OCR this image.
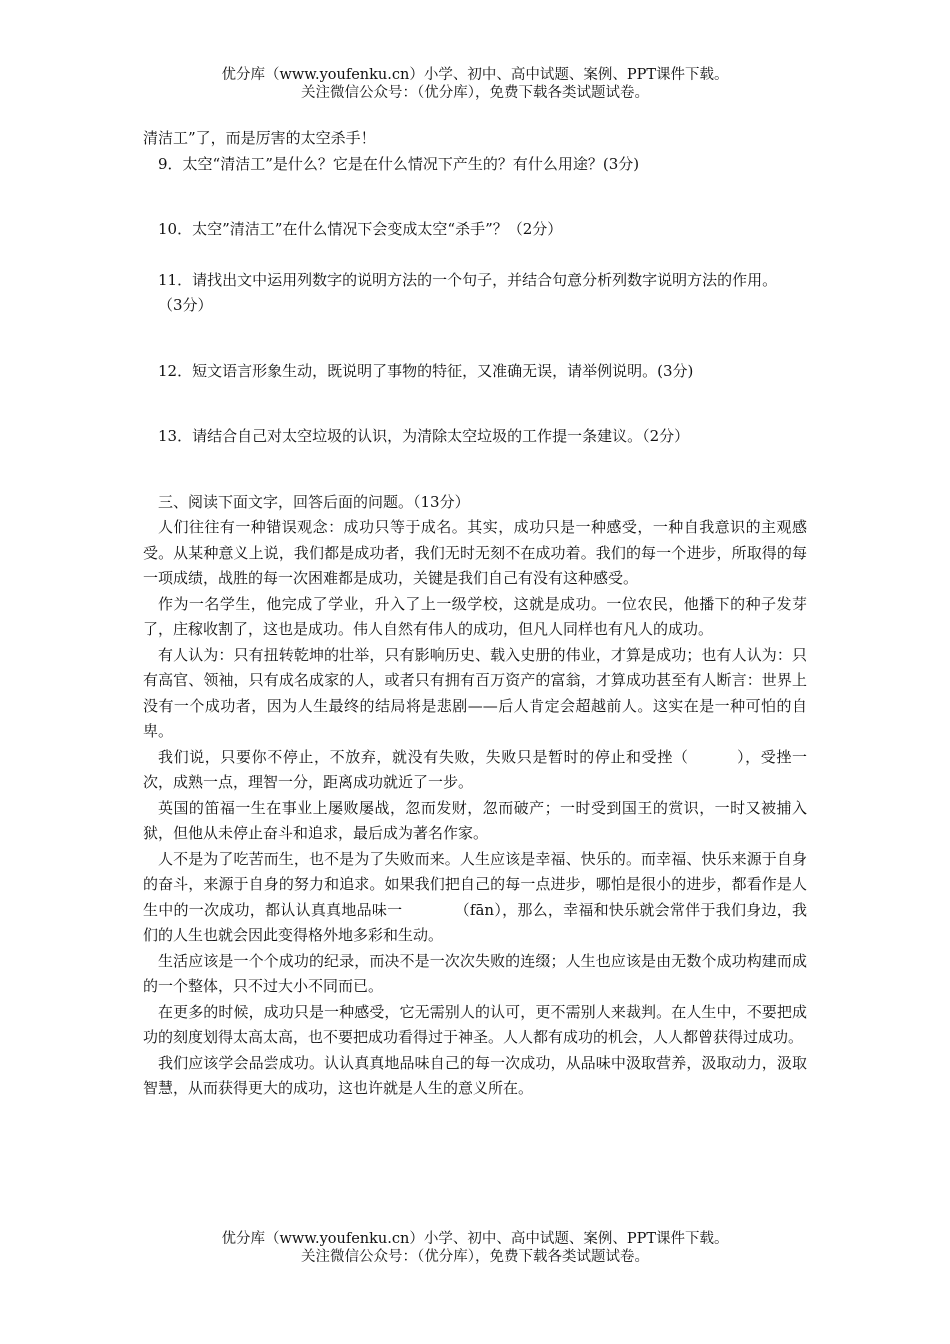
优分库（www.youfenku.cn）小学、初中、高中试题、案例、PPT课件下载。
关注微信公众号：（优分库），免费下载各类试题试卷。

清洁工”了，而是厉害的太空杀手！

9．太空“清洁工”是什么？它是在什么情况下产生的？有什么用途？(3分)

10．太空”清洁工”在什么情况下会变成太空“杀手”？（2分）

11．请找出文中运用列数字的说明方法的一个句子，并结合句意分析列数字说明方法的作用。

（3分）

12．短文语言形象生动，既说明了事物的特征，又准确无误，请举例说明。(3分)

13．请结合自己对太空垃圾的认识，为清除太空垃圾的工作提一条建议。（2分）

三、阅读下面文字，回答后面的问题。（13分）

人们往往有一种错误观念：成功只等于成名。其实，成功只是一种感受，一种自我意识的主观感受。从某种意义上说，我们都是成功者，我们无时无刻不在成功着。我们的每一个进步，所取得的每一项成绩，战胜的每一次困难都是成功，关键是我们自己有没有这种感受。

作为一名学生，他完成了学业，升入了上一级学校，这就是成功。一位农民，他播下的种子发芽了，庄稼收割了，这也是成功。伟人自然有伟人的成功，但凡人同样也有凡人的成功。

有人认为：只有扭转乾坤的壮举，只有影响历史、载入史册的伟业，才算是成功；也有人认为：只有高官、领袖，只有成名成家的人，或者只有拥有百万资产的富翁，才算成功甚至有人断言：世界上没有一个成功者，因为人生最终的结局将是悲剧——后人肯定会超越前人。这实在是一种可怕的自卑。

我们说，只要你不停止，不放弃，就没有失败，失败只是暂时的停止和受挫（	），受挫一次，成熟一点，理智一分，距离成功就近了一步。

英国的笛福一生在事业上屡败屡战，忽而发财，忽而破产；一时受到国王的赏识，一时又被捕入狱，但他从未停止奋斗和追求，最后成为著名作家。

人不是为了吃苦而生，也不是为了失败而来。人生应该是幸福、快乐的。而幸福、快乐来源于自身的奋斗，来源于自身的努力和追求。如果我们把自己的每一点进步，哪怕是很小的进步，都看作是人生中的一次成功，都认认真真地品味一	（fān），那么，幸福和快乐就会常伴于我们身边，我们的人生也就会因此变得格外地多彩和生动。

生活应该是一个个成功的纪录，而决不是一次次失败的连缀；人生也应该是由无数个成功构建而成的一个整体，只不过大小不同而已。

在更多的时候，成功只是一种感受，它无需别人的认可，更不需别人来裁判。在人生中，不要把成功的刻度划得太高太高，也不要把成功看得过于神圣。人人都有成功的机会，人人都曾获得过成功。

我们应该学会品尝成功。认认真真地品味自己的每一次成功，从品味中汲取营养，汲取动力，汲取智慧，从而获得更大的成功，这也许就是人生的意义所在。

优分库（www.youfenku.cn）小学、初中、高中试题、案例、PPT课件下载。
关注微信公众号：（优分库），免费下载各类试题试卷。
